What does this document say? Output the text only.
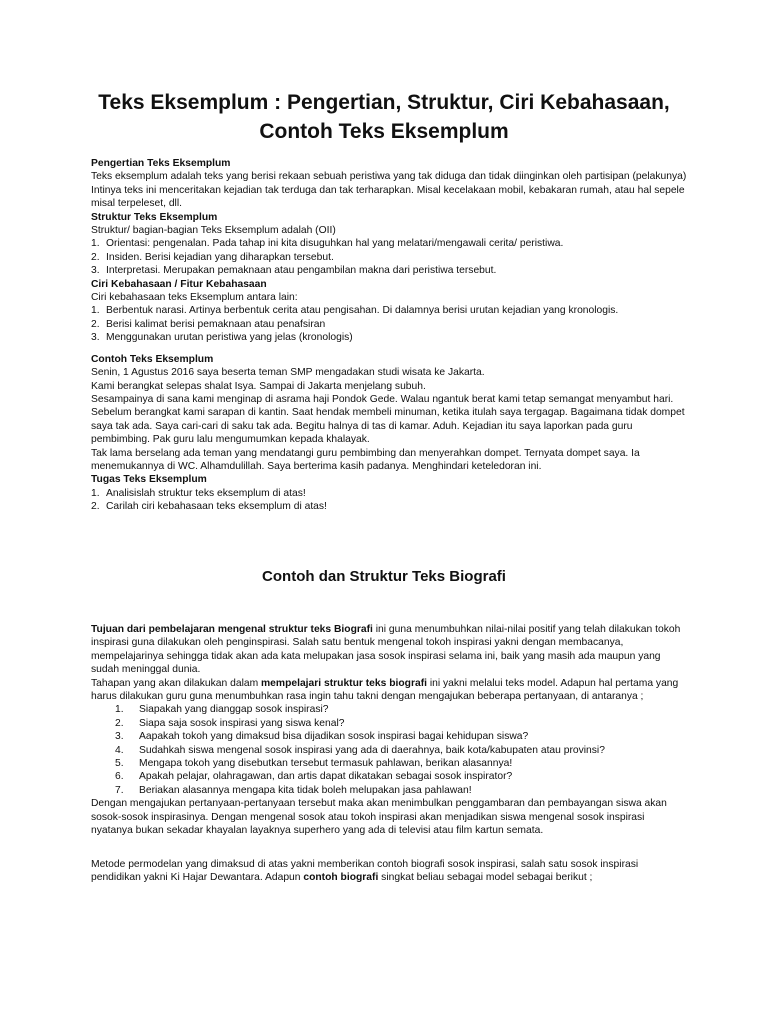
Teks Eksemplum : Pengertian, Struktur, Ciri Kebahasaan, Contoh Teks Eksemplum

Pengertian Teks Eksemplum

Teks eksemplum adalah teks yang berisi rekaan sebuah peristiwa yang tak diduga dan tidak diinginkan oleh partisipan (pelakunya)

Intinya teks ini menceritakan kejadian tak terduga dan tak terharapkan. Misal kecelakaan mobil, kebakaran rumah, atau hal sepele misal terpeleset, dll.

Struktur Teks Eksemplum

Struktur/ bagian-bagian Teks Eksemplum adalah (OII)

1. Orientasi: pengenalan. Pada tahap ini kita disuguhkan hal yang melatari/mengawali cerita/ peristiwa.

2. Insiden. Berisi kejadian yang diharapkan tersebut.

3. Interpretasi. Merupakan pemaknaan atau pengambilan makna dari peristiwa tersebut.

Ciri Kebahasaan / Fitur Kebahasaan

Ciri kebahasaan teks Eksemplum antara lain:

1. Berbentuk narasi. Artinya berbentuk cerita atau pengisahan. Di dalamnya berisi urutan kejadian yang kronologis.

2. Berisi kalimat berisi pemaknaan atau penafsiran

3. Menggunakan urutan peristiwa yang jelas (kronologis)

Contoh Teks Eksemplum

Senin, 1 Agustus 2016 saya beserta teman SMP mengadakan studi wisata ke Jakarta.

Kami berangkat selepas shalat Isya. Sampai di Jakarta menjelang subuh.

Sesampainya di sana kami menginap di asrama haji Pondok Gede. Walau ngantuk berat kami tetap semangat menyambut hari. Sebelum berangkat kami sarapan di kantin. Saat hendak membeli minuman, ketika itulah saya tergagap. Bagaimana tidak dompet saya tak ada. Saya cari-cari di saku tak ada. Begitu halnya di tas di kamar. Aduh. Kejadian itu saya laporkan pada guru pembimbing. Pak guru lalu mengumumkan kepada khalayak.

Tak lama berselang ada teman yang mendatangi guru pembimbing dan menyerahkan dompet. Ternyata dompet saya. Ia menemukannya di WC. Alhamdulillah. Saya berterima kasih padanya. Menghindari keteledoran ini.

Tugas Teks Eksemplum

1. Analisislah struktur teks eksemplum di atas!

2. Carilah ciri kebahasaan teks eksemplum di atas!

Contoh dan Struktur Teks Biografi

Tujuan dari pembelajaran mengenal struktur teks Biografi ini guna menumbuhkan nilai-nilai positif yang telah dilakukan tokoh inspirasi guna dilakukan oleh penginspirasi. Salah satu bentuk mengenal tokoh inspirasi yakni dengan membacanya, mempelajarinya sehingga tidak akan ada kata melupakan jasa sosok inspirasi selama ini, baik yang masih ada maupun yang sudah meninggal dunia.

Tahapan yang akan dilakukan dalam mempelajari struktur teks biografi ini yakni melalui teks model. Adapun hal pertama yang harus dilakukan guru guna menumbuhkan rasa ingin tahu takni dengan mengajukan beberapa pertanyaan, di antaranya ;

1. Siapakah yang dianggap sosok inspirasi?
2. Siapa saja sosok inspirasi yang siswa kenal?
3. Aapakah tokoh yang dimaksud bisa dijadikan sosok inspirasi bagai kehidupan siswa?
4. Sudahkah siswa mengenal sosok inspirasi yang ada di daerahnya, baik kota/kabupaten atau provinsi?
5. Mengapa tokoh yang disebutkan tersebut termasuk pahlawan, berikan alasannya!
6. Apakah pelajar, olahragawan, dan artis dapat dikatakan sebagai sosok inspirator?
7. Beriakan alasannya mengapa kita tidak boleh melupakan jasa pahlawan!

Dengan mengajukan pertanyaan-pertanyaan tersebut maka akan menimbulkan penggambaran dan pembayangan siswa akan sosok-sosok inspirasinya. Dengan mengenal sosok atau tokoh inspirasi akan menjadikan siswa mengenal sosok inspirasi nyatanya bukan sekadar khayalan layaknya superhero yang ada di televisi atau film kartun semata.

Metode permodelan yang dimaksud di atas yakni memberikan contoh biografi sosok inspirasi, salah satu sosok inspirasi pendidikan yakni Ki Hajar Dewantara. Adapun contoh biografi singkat beliau sebagai model sebagai berikut ;
